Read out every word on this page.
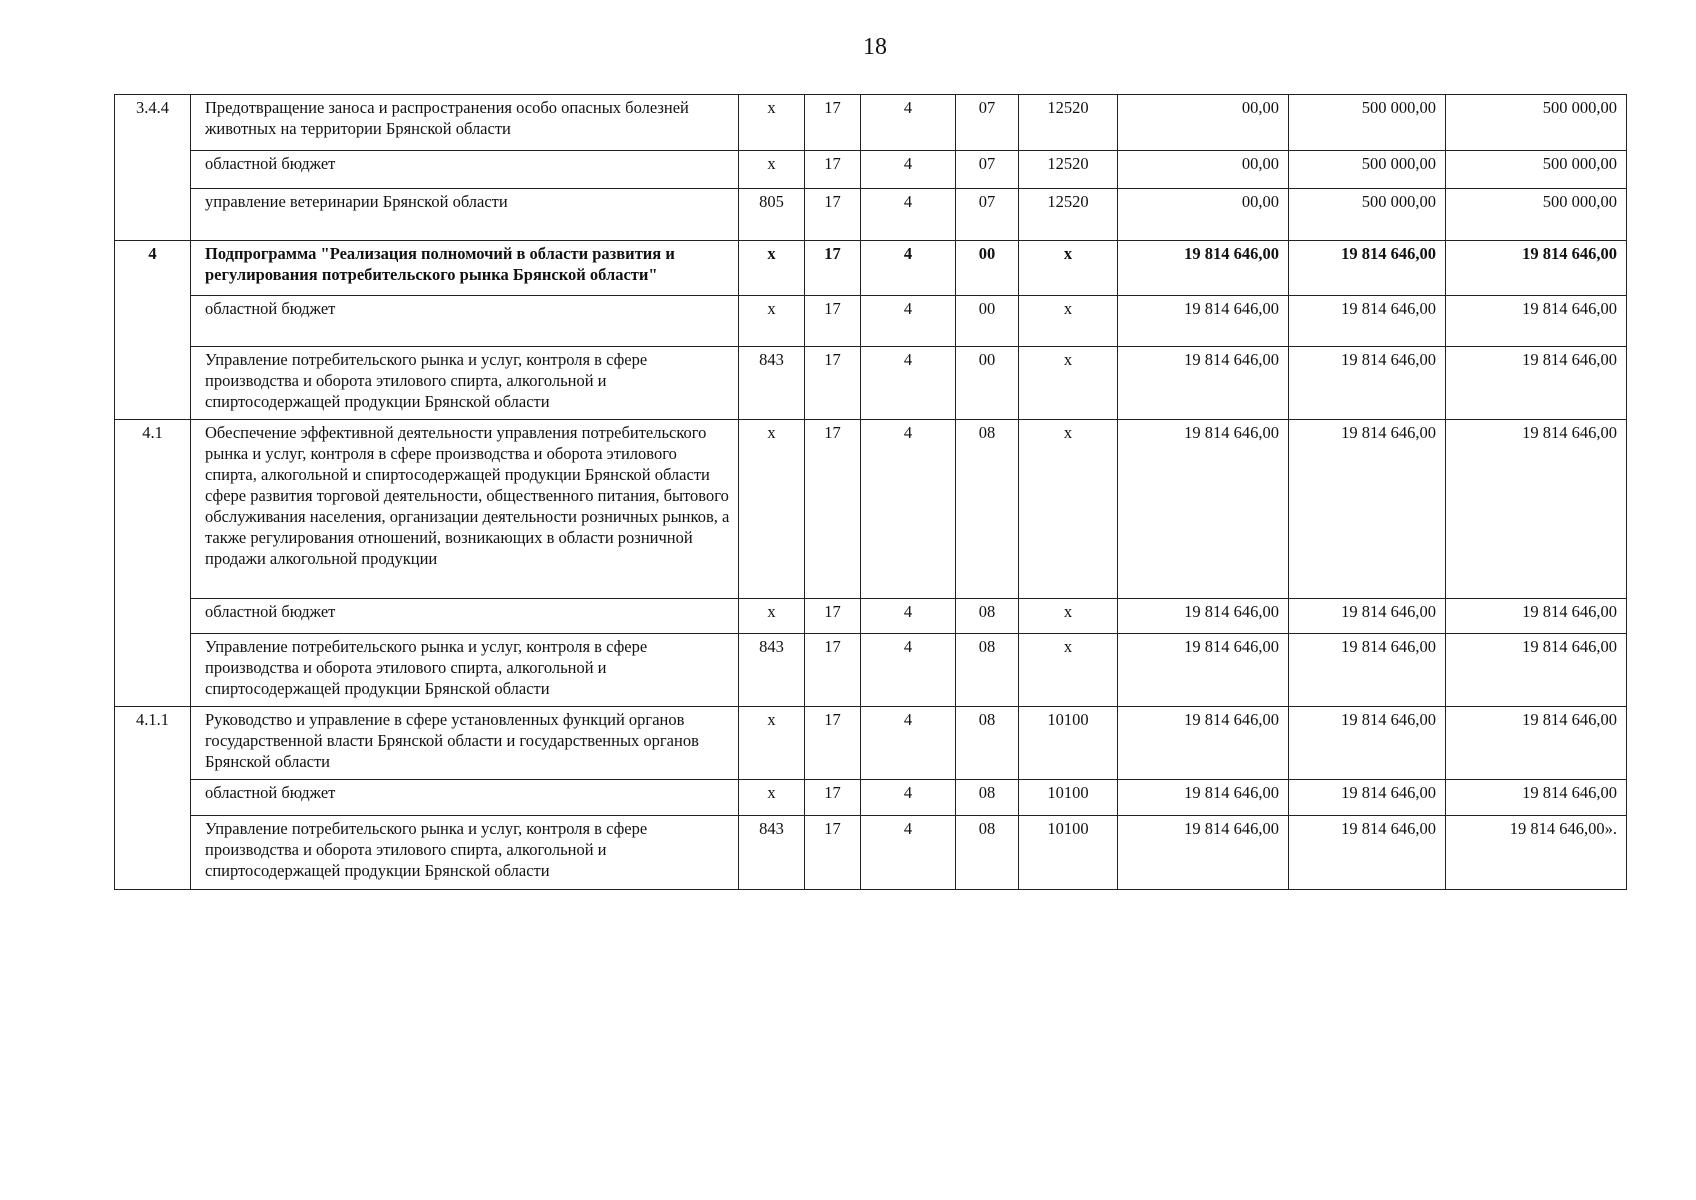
18
3.4.4	Предотвращение заноса и распространения особо опасных болезней животных на территории Брянской области	х	17	4	07	12520	00,00	500 000,00	500 000,00
	областной бюджет	х	17	4	07	12520	00,00	500 000,00	500 000,00
	управление ветеринарии Брянской области	805	17	4	07	12520	00,00	500 000,00	500 000,00
4	Подпрограмма "Реализация полномочий в области развития и регулирования потребительского рынка Брянской области"	х	17	4	00	х	19 814 646,00	19 814 646,00	19 814 646,00
	областной бюджет	х	17	4	00	х	19 814 646,00	19 814 646,00	19 814 646,00
	Управление потребительского рынка и услуг, контроля в сфере производства и оборота этилового спирта, алкогольной и спиртосодержащей продукции Брянской области	843	17	4	00	х	19 814 646,00	19 814 646,00	19 814 646,00
4.1	Обеспечение эффективной деятельности управления потребительского рынка и услуг, контроля в сфере производства и оборота этилового спирта, алкогольной и спиртосодержащей продукции Брянской области сфере развития торговой деятельности, общественного питания, бытового обслуживания населения, организации деятельности розничных рынков, а также регулирования отношений, возникающих в области розничной продажи алкогольной продукции	х	17	4	08	х	19 814 646,00	19 814 646,00	19 814 646,00
	областной бюджет	х	17	4	08	х	19 814 646,00	19 814 646,00	19 814 646,00
	Управление потребительского рынка и услуг, контроля в сфере производства и оборота этилового спирта, алкогольной и спиртосодержащей продукции Брянской области	843	17	4	08	х	19 814 646,00	19 814 646,00	19 814 646,00
4.1.1	Руководство и управление в сфере установленных функций органов государственной власти Брянской области и государственных органов Брянской области	х	17	4	08	10100	19 814 646,00	19 814 646,00	19 814 646,00
	областной бюджет	х	17	4	08	10100	19 814 646,00	19 814 646,00	19 814 646,00
	Управление потребительского рынка и услуг, контроля в сфере производства и оборота этилового спирта, алкогольной и спиртосодержащей продукции Брянской области	843	17	4	08	10100	19 814 646,00	19 814 646,00	19 814 646,00».
